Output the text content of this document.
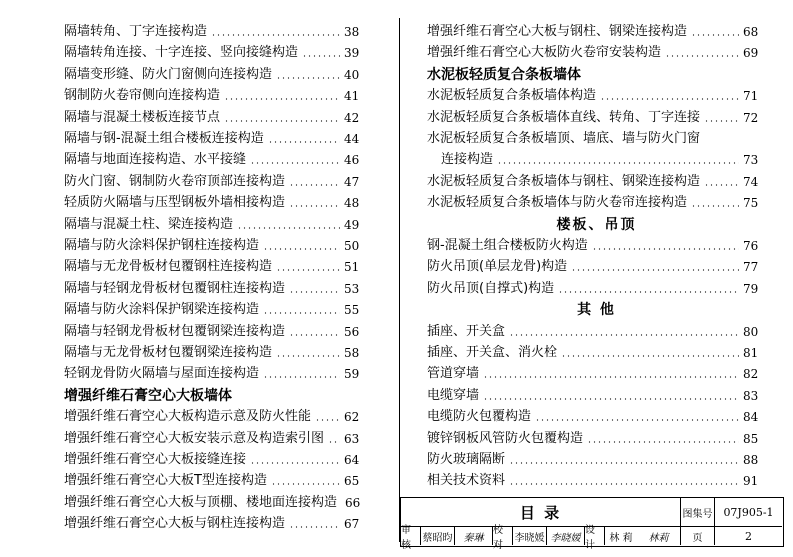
隔墙转角、丁字连接构造	38
隔墙转角连接、十字连接、竖向接缝构造	39
隔墙变形缝、防火门窗侧向连接构造	40
钢制防火卷帘侧向连接构造	41
隔墙与混凝土楼板连接节点	42
隔墙与钢-混凝土组合楼板连接构造	44
隔墙与地面连接构造、水平接缝	46
防火门窗、钢制防火卷帘顶部连接构造	47
轻质防火隔墙与压型钢板外墙相接构造	48
隔墙与混凝土柱、梁连接构造	49
隔墙与防火涂料保护钢柱连接构造	50
隔墙与无龙骨板材包覆钢柱连接构造	51
隔墙与轻钢龙骨板材包覆钢柱连接构造	53
隔墙与防火涂料保护钢梁连接构造	55
隔墙与轻钢龙骨板材包覆钢梁连接构造	56
隔墙与无龙骨板材包覆钢梁连接构造	58
轻钢龙骨防火隔墙与屋面连接构造	59
增强纤维石膏空心大板墙体
增强纤维石膏空心大板构造示意及防火性能	62
增强纤维石膏空心大板安装示意及构造索引图 63
增强纤维石膏空心大板接缝连接	64
增强纤维石膏空心大板T型连接构造	65
增强纤维石膏空心大板与顶棚、楼地面连接构造 66
增强纤维石膏空心大板与钢柱连接构造	67
增强纤维石膏空心大板与钢柱、钢梁连接构造	68
增强纤维石膏空心大板防火卷帘安装构造	69
水泥板轻质复合条板墙体
水泥板轻质复合条板墙体构造	71
水泥板轻质复合条板墙体直线、转角、丁字连接	72
水泥板轻质复合条板墙顶、墙底、墙与防火门窗
连接构造	73
水泥板轻质复合条板墙体与钢柱、钢梁连接构造	74
水泥板轻质复合条板墙体与防火卷帘连接构造	75
楼板、吊顶
钢-混凝土组合楼板防火构造	76
防火吊顶(单层龙骨)构造	77
防火吊顶(自撑式)构造	79
其 他
插座、开关盒	80
插座、开关盒、消火栓	81
管道穿墙	82
电缆穿墙	83
电缆防火包覆构造	84
镀锌钢板风管防火包覆构造	85
防火玻璃隔断	88
相关技术资料	91
目 录	图集号 07J905-1
审核
蔡昭昀	秦琳
校对
李晓媛 李晓媛
设计
林 莉	林莉	页	2
